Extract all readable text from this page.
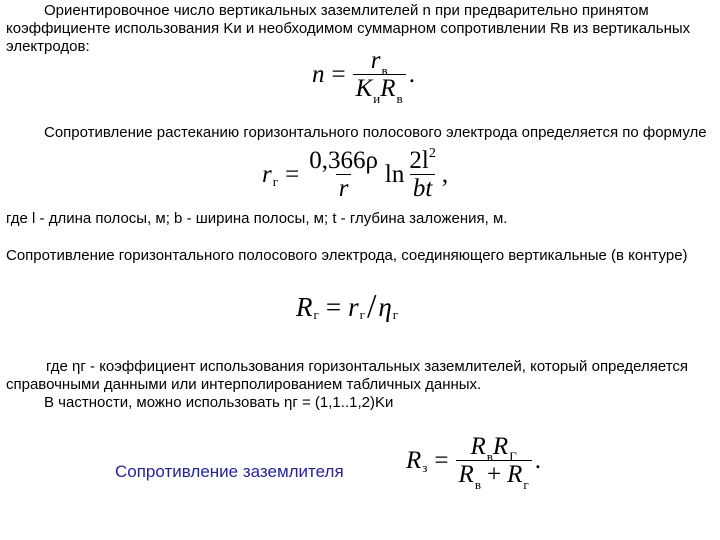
Ориентировочное число вертикальных заземлителей n при предварительно принятом коэффициенте использования Kи и необходимом суммарном сопротивлении Rв из вертикальных электродов:

$n = \frac{r_в}{K_иR_в}$ .

Сопротивление растеканию горизонтального полосового электрода определяется по формуле

r $г = \frac{0,366\rho}{r}$ $\ln \frac{2l^2}{bt}$ ,

где l - длина полосы, м; b - ширина полосы, м; t - глубина заложения, м.

Сопротивление горизонтального полосового электрода, соединяющего вертикальные (в контуре)

R г = r г / η г

где ηг - коэффициент использования горизонтальных заземлителей, который определяется справочными данными или интерполированием табличных данных.
В частности, можно использовать ηг = (1,1..1,2)Kи

Сопротивление заземлителя R $з = \frac{R_вR_Г}{R_в + R_г}$ .
